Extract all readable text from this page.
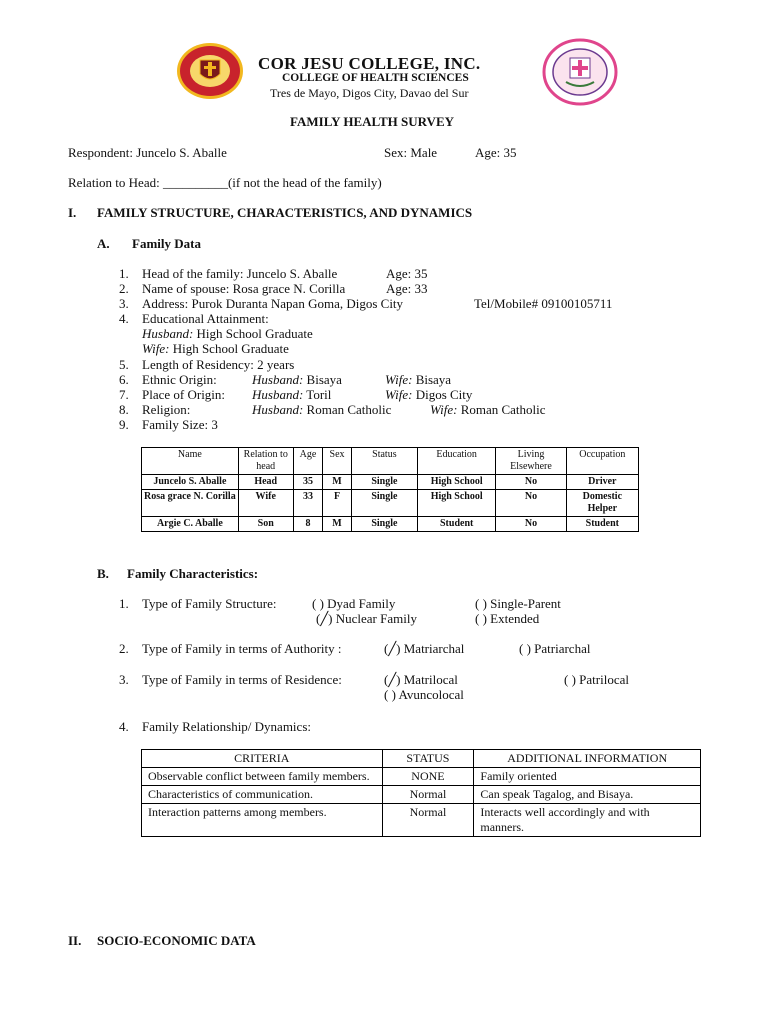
COR JESU COLLEGE, INC.
COLLEGE OF HEALTH SCIENCES
Tres de Mayo, Digos City, Davao del Sur
FAMILY HEALTH SURVEY
Respondent: Juncelo S. Aballe	Sex: Male	Age: 35
Relation to Head: __________(if not the head of the family)
I. FAMILY STRUCTURE, CHARACTERISTICS, AND DYNAMICS
A. Family Data
1. Head of the family: Juncelo S. Aballe	Age: 35
2. Name of spouse: Rosa grace N. Corilla	Age: 33
3. Address: Purok Duranta Napan Goma, Digos City	Tel/Mobile# 09100105711
4. Educational Attainment:
Husband: High School Graduate
Wife: High School Graduate
5. Length of Residency: 2 years
6. Ethnic Origin:	Husband: Bisaya	Wife: Bisaya
7. Place of Origin: Husband: Toril	Wife: Digos City
8. Religion:	Husband: Roman Catholic	Wife: Roman Catholic
9. Family Size: 3
Name	Relation to head	Age	Sex	Status	Education	Living Elsewhere	Occupation
Juncelo S. Aballe	Head	35	M	Single	High School	No	Driver
Rosa grace N. Corilla	Wife	33	F	Single	High School	No	Domestic Helper
Argie C. Aballe	Son	8	M	Single	Student	No	Student
B. Family Characteristics:
1. Type of Family Structure:	( ) Dyad Family	( ) Single-Parent
(╱) Nuclear Family	( ) Extended
2. Type of Family in terms of Authority :	(╱) Matriarchal	( ) Patriarchal
3. Type of Family in terms of Residence:	(╱) Matrilocal	( ) Patrilocal
( ) Avuncolocal
4. Family Relationship/ Dynamics:
CRITERIA	STATUS	ADDITIONAL INFORMATION
Observable conflict between family members.	NONE	Family oriented
Characteristics of communication.	Normal	Can speak Tagalog, and Bisaya.
Interaction patterns among members.	Normal	Interacts well accordingly and with manners.
II. SOCIO-ECONOMIC DATA
